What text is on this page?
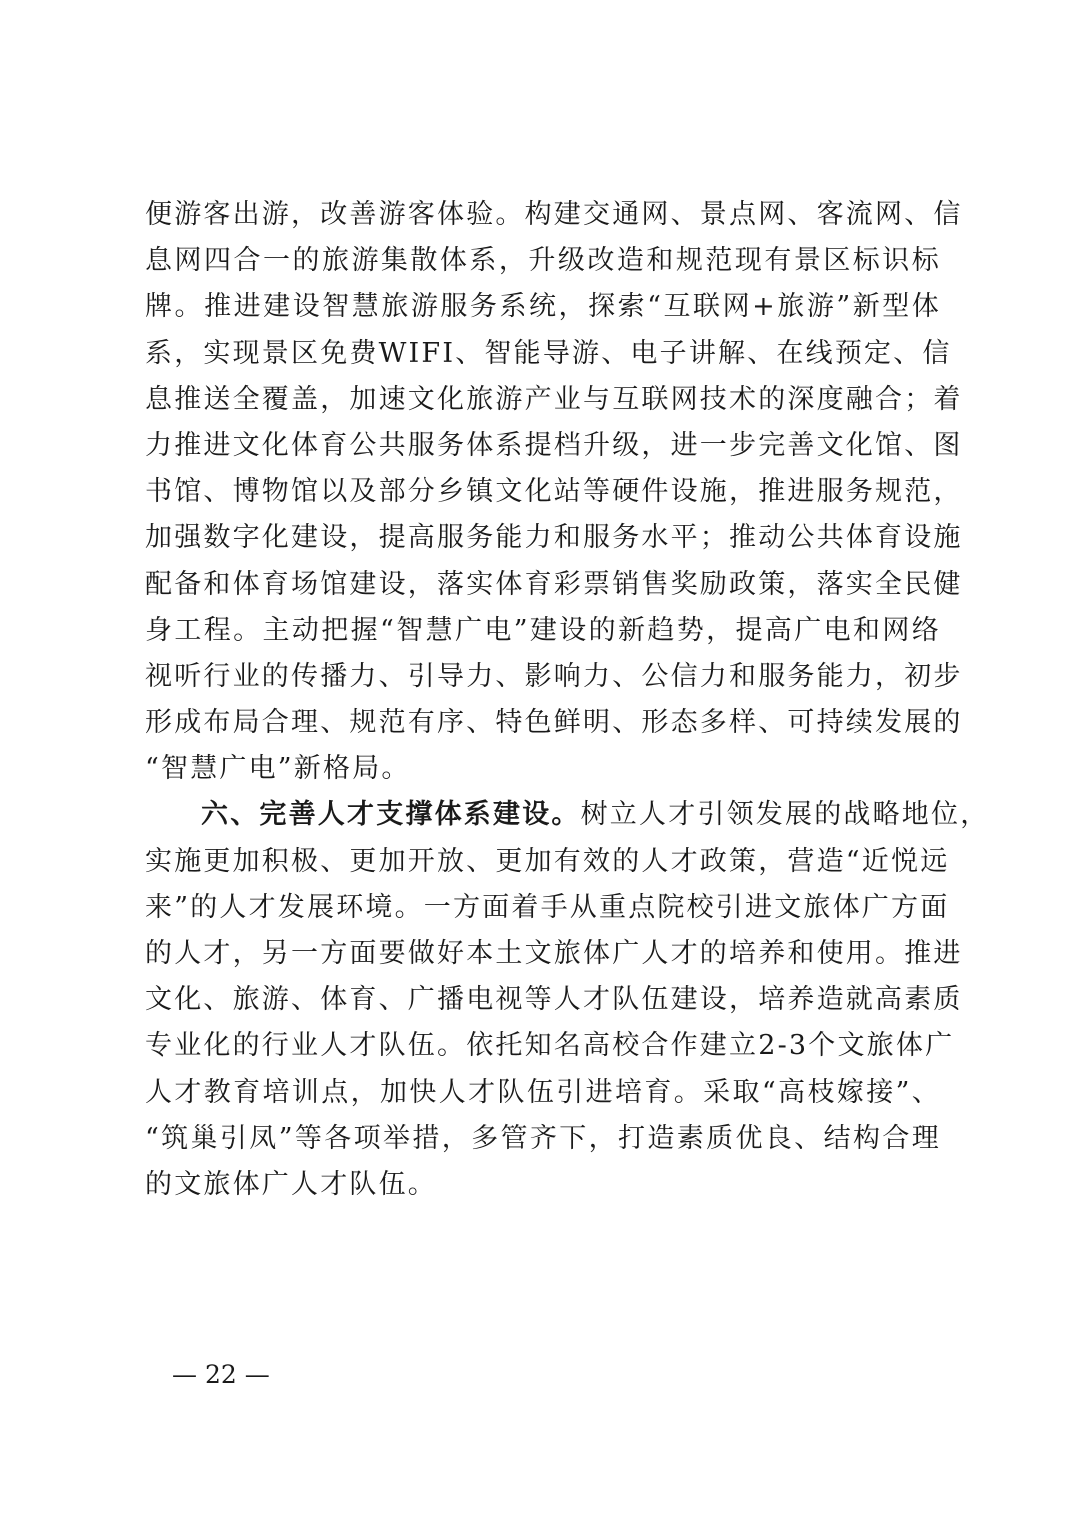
便游客出游，改善游客体验。构建交通网、景点网、客流网、信
息网四合一的旅游集散体系，升级改造和规范现有景区标识标
牌。推进建设智慧旅游服务系统，探索“互联网+旅游”新型体
系，实现景区免费WIFI、智能导游、电子讲解、在线预定、信
息推送全覆盖，加速文化旅游产业与互联网技术的深度融合；着
力推进文化体育公共服务体系提档升级，进一步完善文化馆、图
书馆、博物馆以及部分乡镇文化站等硬件设施，推进服务规范，
加强数字化建设，提高服务能力和服务水平；推动公共体育设施
配备和体育场馆建设，落实体育彩票销售奖励政策，落实全民健
身工程。主动把握“智慧广电”建设的新趋势，提高广电和网络
视听行业的传播力、引导力、影响力、公信力和服务能力，初步
形成布局合理、规范有序、特色鲜明、形态多样、可持续发展的
“智慧广电”新格局。
六、完善人才支撑体系建设。树立人才引领发展的战略地位，
实施更加积极、更加开放、更加有效的人才政策，营造“近悦远
来”的人才发展环境。一方面着手从重点院校引进文旅体广方面
的人才，另一方面要做好本土文旅体广人才的培养和使用。推进
文化、旅游、体育、广播电视等人才队伍建设，培养造就高素质
专业化的行业人才队伍。依托知名高校合作建立2-3个文旅体广
人才教育培训点，加快人才队伍引进培育。采取“高枝嫁接”、
“筑巢引凤”等各项举措，多管齐下，打造素质优良、结构合理
的文旅体广人才队伍。
— 22 —
